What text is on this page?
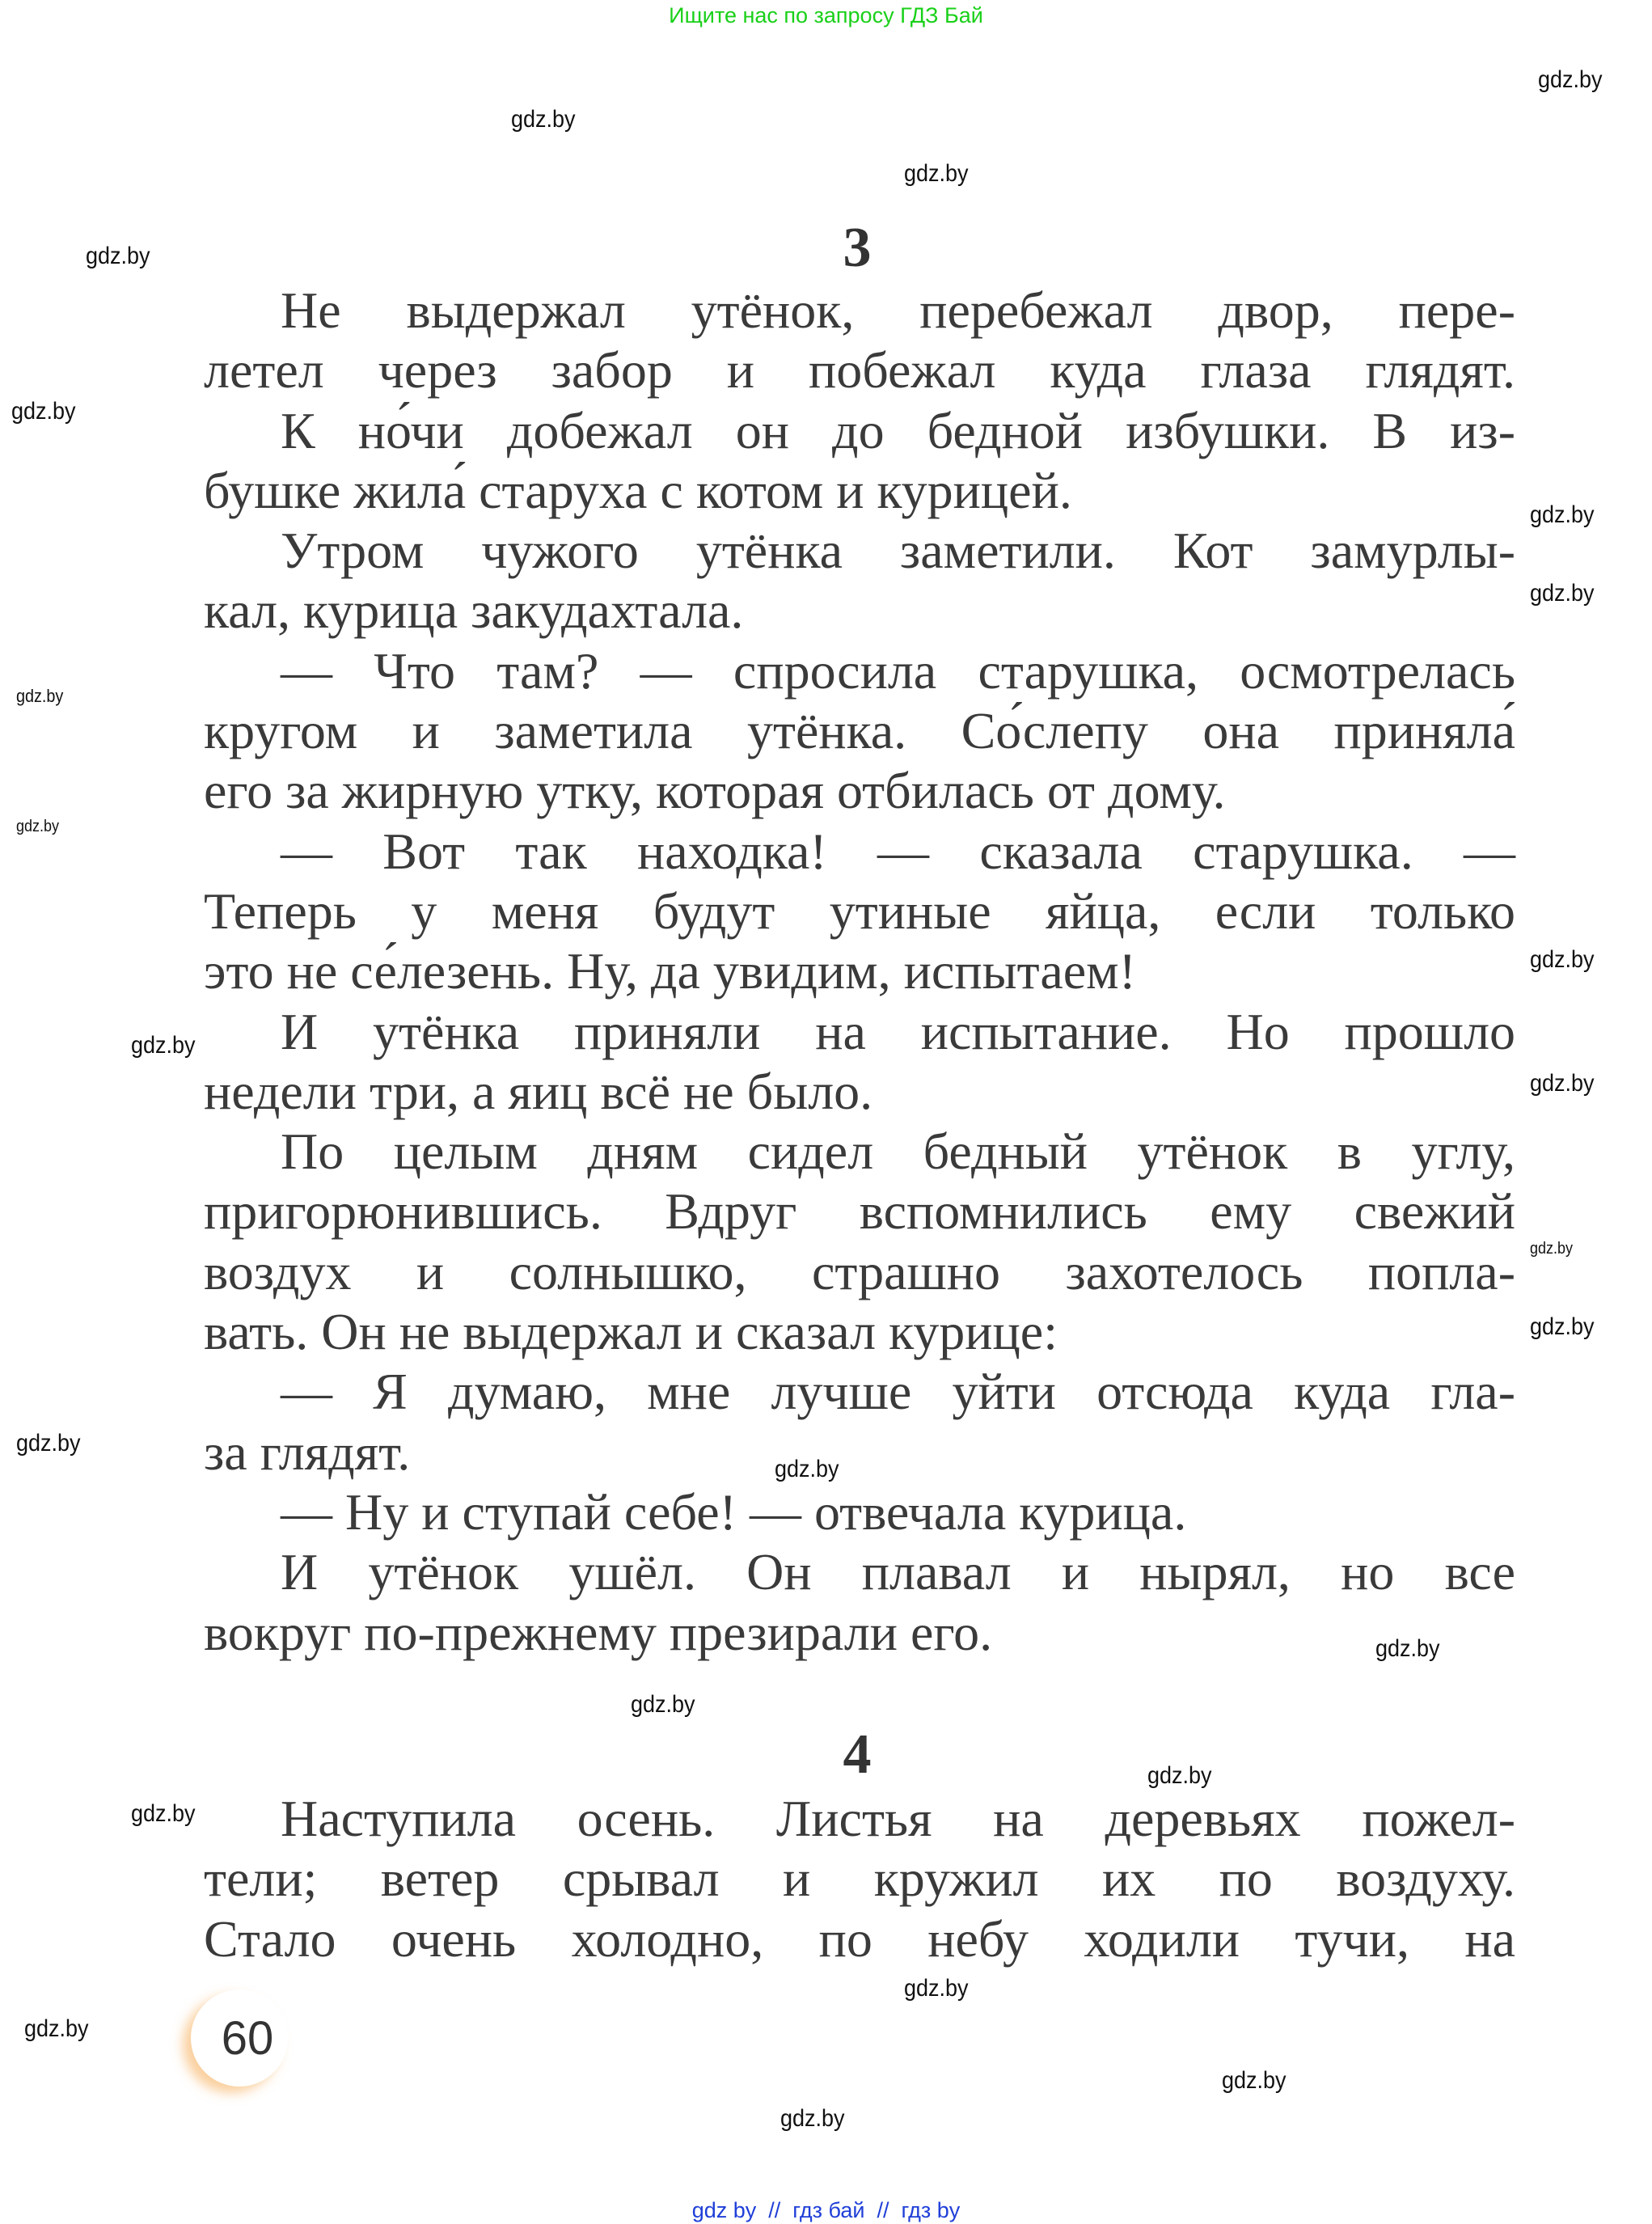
Ищите нас по запросу ГДЗ Бай
gdz.by
gdz.by
gdz.by
gdz.by
gdz.by
gdz.by
gdz.by
gdz.by
gdz.by
gdz.by
gdz.by
gdz.by
gdz.by
gdz.by
gdz.by
gdz.by
gdz.by
gdz.by
gdz.by
gdz.by
gdz.by
gdz.by
gdz.by
gdz.by
3
Не выдержал утёнок, перебежал двор, пере-
летел через забор и побежал куда глаза глядят.
К но́чи добежал он до бедной избушки. В из-
бушке жила́ старуха с котом и курицей.
Утром чужого утёнка заметили. Кот замурлы-
кал, курица закудахтала.
— Что там? — спросила старушка, осмотрелась
кругом и заметила утёнка. Со́слепу она приняла́
его за жирную утку, которая отбилась от дому.
— Вот так находка! — сказала старушка. —
Теперь у меня будут утиные яйца, если только
это не се́лезень. Ну, да увидим, испытаем!
И утёнка приняли на испытание. Но прошло
недели три, а яиц всё не было.
По целым дням сидел бедный утёнок в углу,
пригорюнившись. Вдруг вспомнились ему свежий
воздух и солнышко, страшно захотелось попла-
вать. Он не выдержал и сказал курице:
— Я думаю, мне лучше уйти отсюда куда гла-
за глядят.
— Ну и ступай себе! — отвечала курица.
И утёнок ушёл. Он плавал и нырял, но все
вокруг по-прежнему презирали его.
4
Наступила осень. Листья на деревьях пожел-
тели; ветер срывал и кружил их по воздуху.
Стало очень холодно, по небу ходили тучи, на
60
gdz by  //  гдз бай  //  гдз by
